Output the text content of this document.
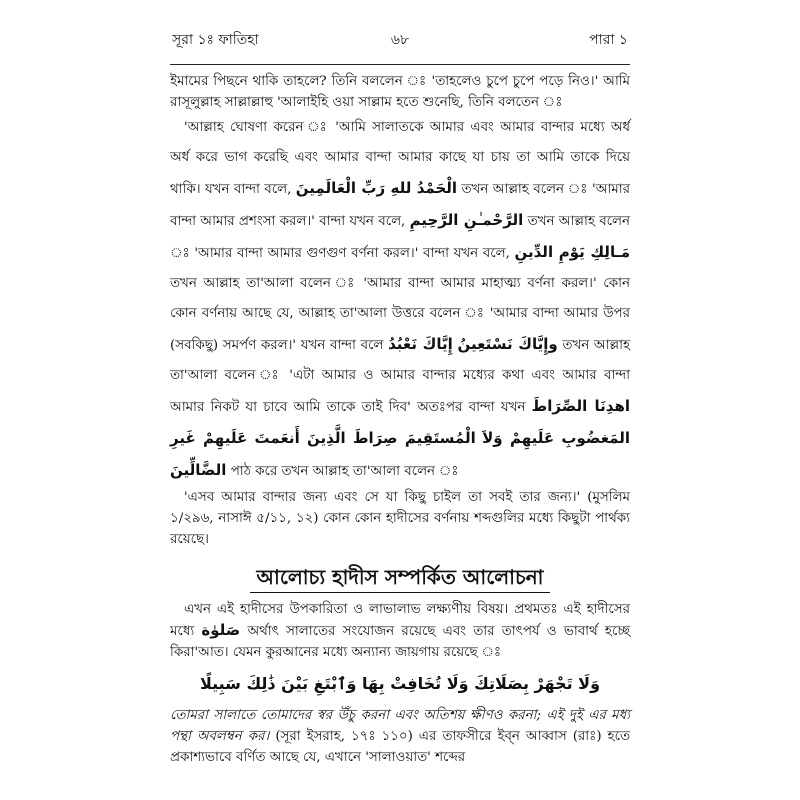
সূরা ১ঃ ফাতিহা	৬৮	পারা ১

ইমামের পিছনে থাকি তাহলে? তিনি বললেন ঃ 'তাহলেও চুপে চুপে পড়ে নিও।' আমি রাসূলুল্লাহ সাল্লাল্লাহু 'আলাইহি ওয়া সাল্লাম হতে শুনেছি, তিনি বলতেন ঃ

'আল্লাহ ঘোষণা করেন ঃ 'আমি সালাতকে আমার এবং আমার বান্দার মধ্যে অর্ধ অর্ধ করে ভাগ করেছি এবং আমার বান্দা আমার কাছে যা চায় তা আমি তাকে দিয়ে থাকি। যখন বান্দা বলে, الْحَمْدُ للهِ رَبِّ الْعَالَمِينَ তখন আল্লাহ বলেন ঃ 'আমার বান্দা আমার প্রশংসা করল।' বান্দা যখন বলে, الرَّحْمـٰنِ الرَّحِيمِ তখন আল্লাহ বলেন ঃ 'আমার বান্দা আমার গুণগুণ বর্ণনা করল।' বান্দা যখন বলে, مَـالِكِ يَوْمِ الدِّينِ তখন আল্লাহ তা'আলা বলেন ঃ 'আমার বান্দা আমার মাহাত্ম্য বর্ণনা করল।' কোন কোন বর্ণনায় আছে যে, আল্লাহ তা'আলা উত্তরে বলেন ঃ 'আমার বান্দা আমার উপর (সবকিছু) সমর্পণ করল।' যখন বান্দা বলে إِيَّاكَ نَعْبُدُ وإِيَّاكَ نَسْتَعِينُ তখন আল্লাহ তা'আলা বলেন ঃ 'এটা আমার ও আমার বান্দার মধ্যের কথা এবং আমার বান্দা আমার নিকট যা চাবে আমি তাকে তাই দিব' অতঃপর বান্দা যখন اهدِنَا الصِّرَاطَ الْمُستَقِيمَ صِرَاطَ الَّذِينَ أَنعَمتَ عَلَيهِمْ غَيرِ المَغضُوبِ عَلَيهِمْ وَلاَ الضَّالِّينَ পাঠ করে তখন আল্লাহ তা'আলা বলেন ঃ

'এসব আমার বান্দার জন্য এবং সে যা কিছু চাইল তা সবই তার জন্য।' (মুসলিম ১/২৯৬, নাসাঈ ৫/১১, ১২) কোন কোন হাদীসের বর্ণনায় শব্দগুলির মধ্যে কিছুটা পার্থক্য রয়েছে।

আলোচ্য হাদীস সম্পর্কিত আলোচনা

এখন এই হাদীসের উপকারিতা ও লাভালাভ লক্ষ্যণীয় বিষয়। প্রথমতঃ এই হাদীসের মধ্যে صَلوٰة অর্থাৎ সালাতের সংযোজন রয়েছে এবং তার তাৎপর্য ও ভাবার্থ হচ্ছে কিরা'আত। যেমন কুরআনের মধ্যে অন্যান্য জায়গায় রয়েছে ঃ

وَلَا تَجْهَرْ بِصَلَاتِكَ وَلَا تُخَافِتْ بِهَا وَٱبْتَغِ بَيْنَ ذَٰلِكَ سَبِيلًا

তোমরা সালাতে তোমাদের স্বর উঁচু করনা এবং অতিশয় ক্ষীণও করনা; এই দুই এর মধ্য পন্থা অবলম্বন কর। (সূরা ইসরাহ, ১৭ঃ ১১০) এর তাফসীরে ইব্ন আব্বাস (রাঃ) হতে প্রকাশ্যভাবে বর্ণিত আছে যে, এখানে 'সালাওয়াত' শব্দের
